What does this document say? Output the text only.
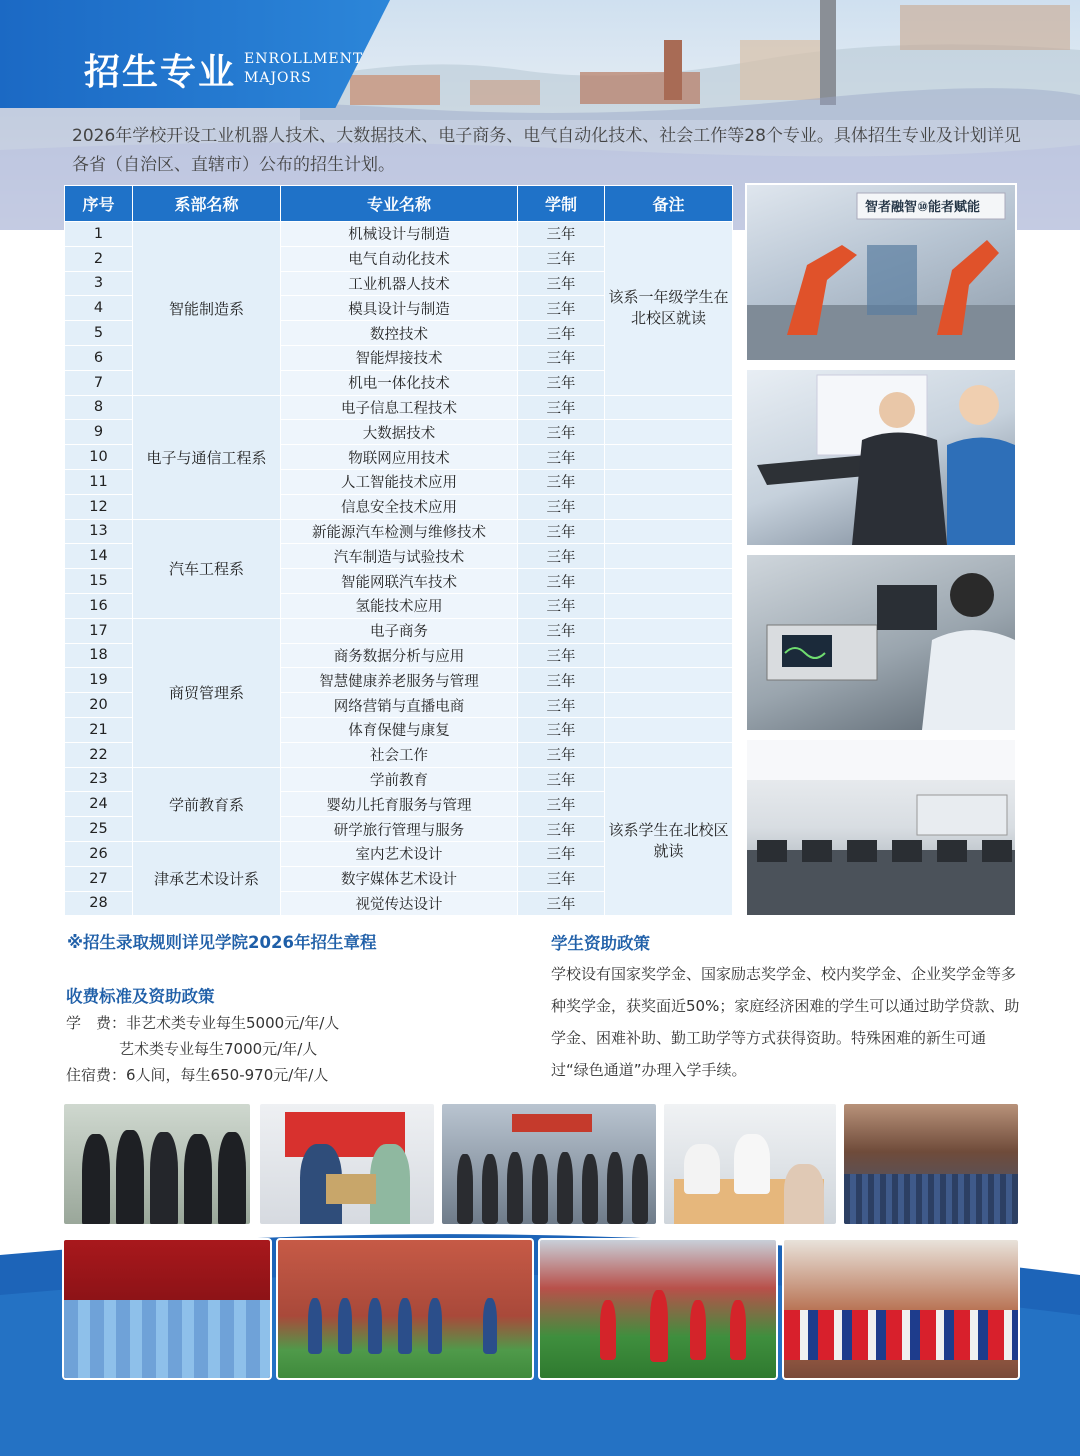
招生专业 ENROLLMENT
MAJORS
2026年学校开设工业机器人技术、大数据技术、电子商务、电气自动化技术、社会工作等28个专业。具体招生专业及计划详见各省（自治区、直辖市）公布的招生计划。
序号	系部名称	专业名称	学制	备注
1	智能制造系	机械设计与制造	三年	该系一年级学生在北校区就读
2		电气自动化技术	三年	
3		工业机器人技术	三年	
4		模具设计与制造	三年	
5		数控技术	三年	
6		智能焊接技术	三年	
7		机电一体化技术	三年	
8	电子与通信工程系	电子信息工程技术	三年	
9		大数据技术	三年	
10		物联网应用技术	三年	
11		人工智能技术应用	三年	
12		信息安全技术应用	三年	
13	汽车工程系	新能源汽车检测与维修技术	三年	
14		汽车制造与试验技术	三年	
15		智能网联汽车技术	三年	
16		氢能技术应用	三年	
17	商贸管理系	电子商务	三年	
18		商务数据分析与应用	三年	
19		智慧健康养老服务与管理	三年	
20		网络营销与直播电商	三年	
21		体育保健与康复	三年	
22		社会工作	三年	
23	学前教育系	学前教育	三年	该系学生在北校区就读
24		婴幼儿托育服务与管理	三年	
25		研学旅行管理与服务	三年	
26	津承艺术设计系	室内艺术设计	三年	
27		数字媒体艺术设计	三年	
28		视觉传达设计	三年	
智者融智⑩能者赋能
※招生录取规则详见学院2026年招生章程
收费标准及资助政策
学　费：非艺术类专业每生5000元/年/人
艺术类专业每生7000元/年/人
住宿费：6人间，每生650-970元/年/人
学生资助政策
学校设有国家奖学金、国家励志奖学金、校内奖学金、企业奖学金等多种奖学金，获奖面近50%；家庭经济困难的学生可以通过助学贷款、助学金、困难补助、勤工助学等方式获得资助。特殊困难的新生可通过“绿色通道”办理入学手续。
